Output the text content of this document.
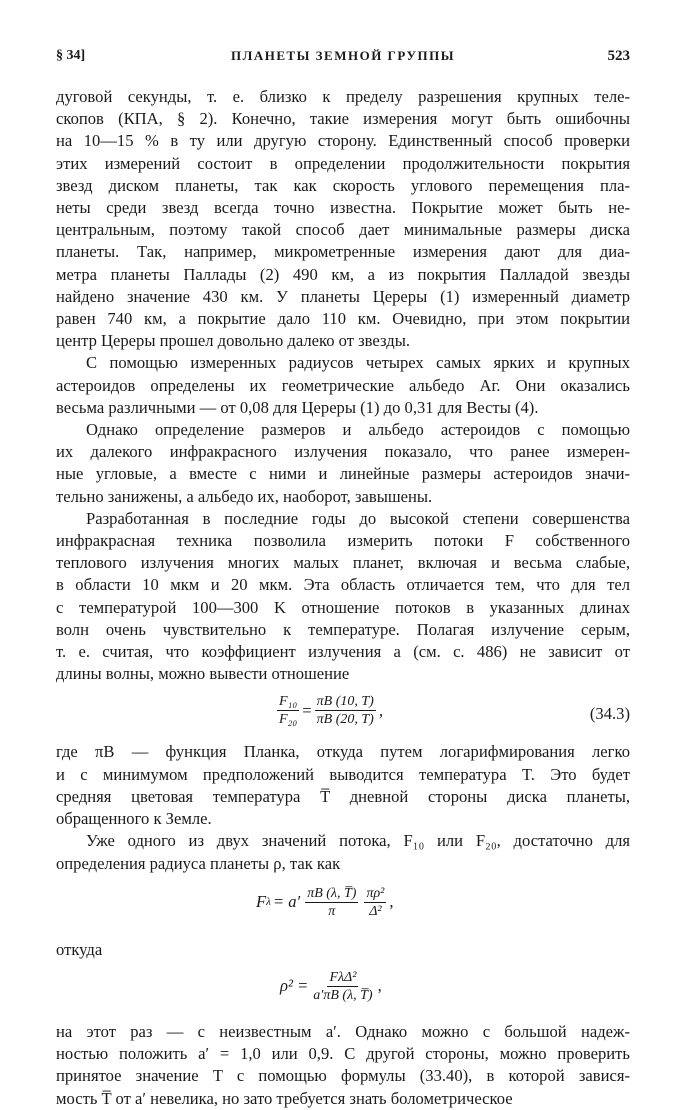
§ 34]	ПЛАНЕТЫ ЗЕМНОЙ ГРУППЫ	523

дуговой секунды, т. е. близко к пределу разрешения крупных теле-
скопов (КПА, § 2). Конечно, такие измерения могут быть ошибочны
на 10—15 % в ту или другую сторону. Единственный способ проверки
этих измерений состоит в определении продолжительности покрытия
звезд диском планеты, так как скорость углового перемещения пла-
неты среди звезд всегда точно известна. Покрытие может быть не-
центральным, поэтому такой способ дает минимальные размеры диска
планеты. Так, например, микрометренные измерения дают для диа-
метра планеты Паллады (2) 490 км, а из покрытия Палладой звезды
найдено значение 430 км. У планеты Цереры (1) измеренный диаметр
равен 740 км, а покрытие дало 110 км. Очевидно, при этом покрытии
центр Цереры прошел довольно далеко от звезды.

С помощью измеренных радиусов четырех самых ярких и крупных
астероидов определены их геометрические альбедо Aг. Они оказались
весьма различными — от 0,08 для Цереры (1) до 0,31 для Весты (4).

Однако определение размеров и альбедо астероидов с помощью
их далекого инфракрасного излучения показало, что ранее измерен-
ные угловые, а вместе с ними и линейные размеры астероидов значи-
тельно занижены, а альбедо их, наоборот, завышены.

Разработанная в последние годы до высокой степени совершенства
инфракрасная техника позволила измерить потоки F собственного
теплового излучения многих малых планет, включая и весьма слабые,
в области 10 мкм и 20 мкм. Эта область отличается тем, что для тел
с температурой 100—300 K отношение потоков в указанных длинах
волн очень чувствительно к температуре. Полагая излучение серым,
т. е. считая, что коэффициент излучения a (см. с. 486) не зависит от
длины волны, можно вывести отношение

$\frac{\text{F₁₀}}{\text{F₂₀}} = \frac{\pi B (10, T)}{\pi B (20, T)}$ ,	(34.3)

где πB — функция Планка, откуда путем логарифмирования легко
и с минимумом предположений выводится температура T. Это будет
средняя цветовая температура T̅ дневной стороны диска планеты,
обращенного к Земле.

Уже одного из двух значений потока, F₁₀ или F₂₀, достаточно для
определения радиуса планеты ρ, так как

F $\lambda = a' \frac{\pi B (\lambda, T̅)}{\pi} \frac{\text{πρ²}}{\text{Δ²}}$ ,

откуда

$\rho^2 = \frac{\text{FλΔ²}}{a'\pi B (\lambda, T̅)}$ ,

на этот раз — с неизвестным a′. Однако можно с большой надеж-
ностью положить a′ = 1,0 или 0,9. С другой стороны, можно проверить
принятое значение T с помощью формулы (33.40), в которой завися-
мость T̅ от a′ невелика, но зато требуется знать болометрическое
